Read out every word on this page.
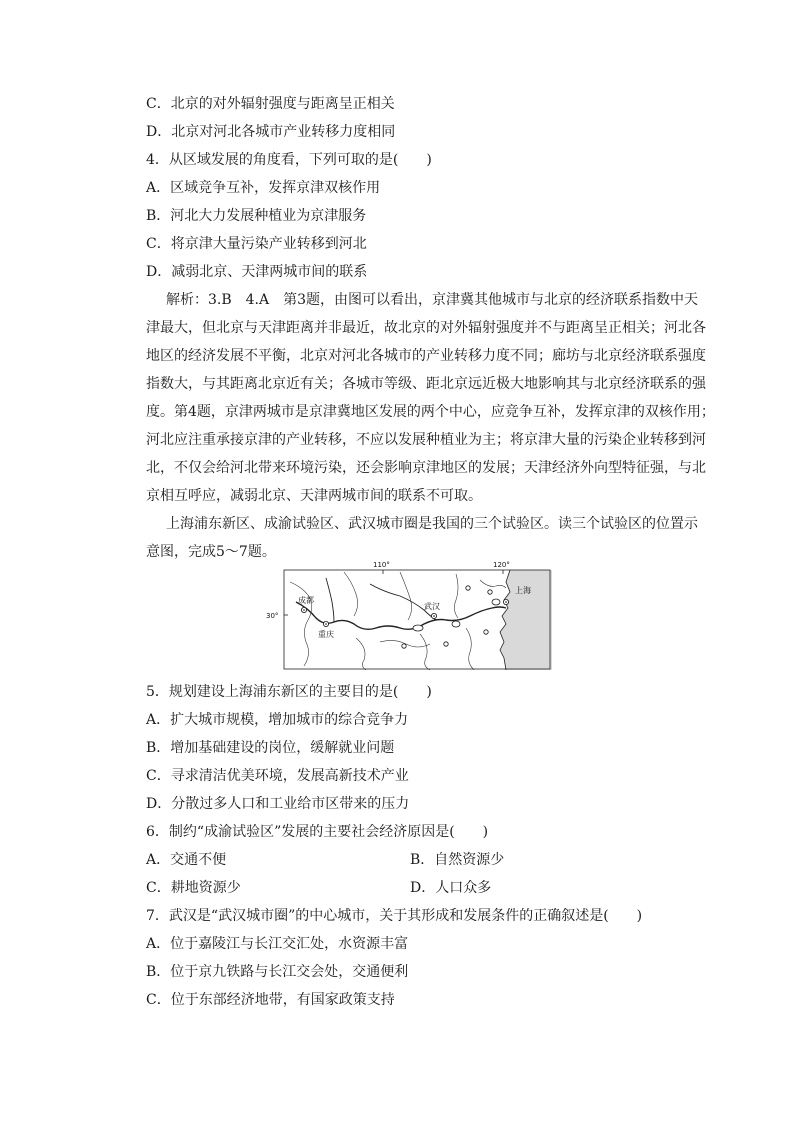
C．北京的对外辐射强度与距离呈正相关
D．北京对河北各城市产业转移力度相同
4．从区域发展的角度看，下列可取的是(　　)
A．区域竞争互补，发挥京津双核作用
B．河北大力发展种植业为京津服务
C．将京津大量污染产业转移到河北
D．减弱北京、天津两城市间的联系
解析：3.B　4.A　第3题，由图可以看出，京津冀其他城市与北京的经济联系指数中天
津最大，但北京与天津距离并非最近，故北京的对外辐射强度并不与距离呈正相关；河北各
地区的经济发展不平衡，北京对河北各城市的产业转移力度不同；廊坊与北京经济联系强度
指数大，与其距离北京近有关；各城市等级、距北京远近极大地影响其与北京经济联系的强
度。第4题，京津两城市是京津冀地区发展的两个中心，应竞争互补，发挥京津的双核作用；
河北应注重承接京津的产业转移，不应以发展种植业为主；将京津大量的污染企业转移到河
北，不仅会给河北带来环境污染，还会影响京津地区的发展；天津经济外向型特征强，与北
京相互呼应，减弱北京、天津两城市间的联系不可取。
上海浦东新区、成渝试验区、武汉城市圈是我国的三个试验区。读三个试验区的位置示
意图，完成5～7题。
110°	120°
30°
成都
重庆
武汉
上海
5．规划建设上海浦东新区的主要目的是(　　)
A．扩大城市规模，增加城市的综合竞争力
B．增加基础建设的岗位，缓解就业问题
C．寻求清洁优美环境，发展高新技术产业
D．分散过多人口和工业给市区带来的压力
6．制约“成渝试验区”发展的主要社会经济原因是(　　)
A．交通不便	B．自然资源少
C．耕地资源少	D．人口众多
7．武汉是“武汉城市圈”的中心城市，关于其形成和发展条件的正确叙述是(　　)
A．位于嘉陵江与长江交汇处，水资源丰富
B．位于京九铁路与长江交会处，交通便利
C．位于东部经济地带，有国家政策支持
